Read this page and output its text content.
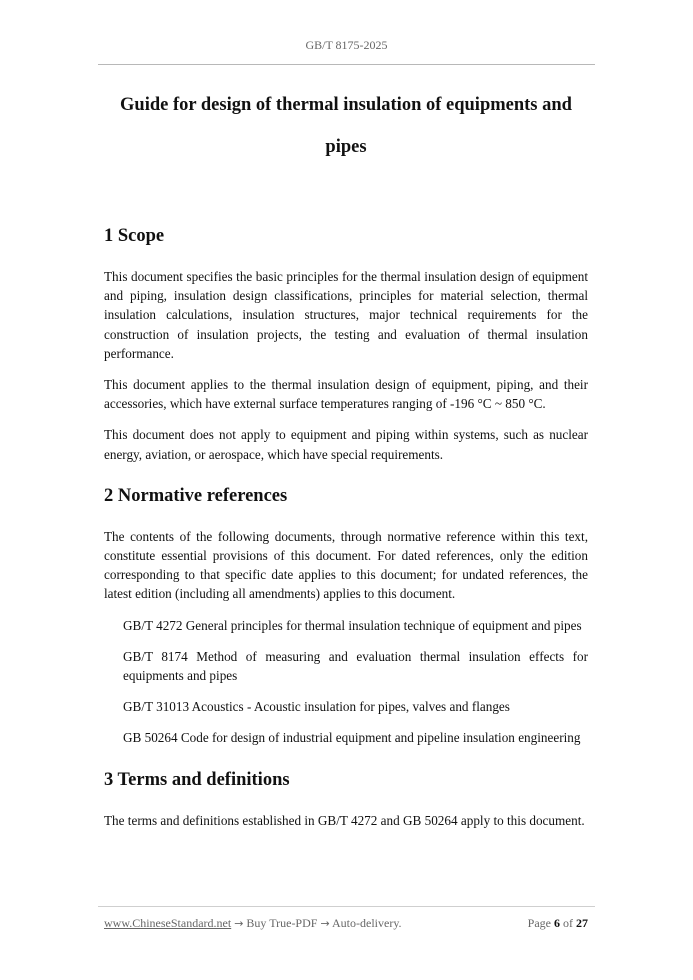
GB/T 8175-2025
Guide for design of thermal insulation of equipments and
pipes
1 Scope

This document specifies the basic principles for the thermal insulation design of equipment and piping, insulation design classifications, principles for material selection, thermal insulation calculations, insulation structures, major technical requirements for the construction of insulation projects, the testing and evaluation of thermal insulation performance.

This document applies to the thermal insulation design of equipment, piping, and their accessories, which have external surface temperatures ranging of -196 °C ~ 850 °C.

This document does not apply to equipment and piping within systems, such as nuclear energy, aviation, or aerospace, which have special requirements.

2 Normative references

The contents of the following documents, through normative reference within this text, constitute essential provisions of this document. For dated references, only the edition corresponding to that specific date applies to this document; for undated references, the latest edition (including all amendments) applies to this document.

GB/T 4272 General principles for thermal insulation technique of equipment and pipes
GB/T 8174 Method of measuring and evaluation thermal insulation effects for equipments and pipes
GB/T 31013 Acoustics - Acoustic insulation for pipes, valves and flanges
GB 50264 Code for design of industrial equipment and pipeline insulation engineering
3 Terms and definitions

The terms and definitions established in GB/T 4272 and GB 50264 apply to this document.

www.ChineseStandard.net → Buy True-PDF → Auto-delivery.	Page 6 of 27
